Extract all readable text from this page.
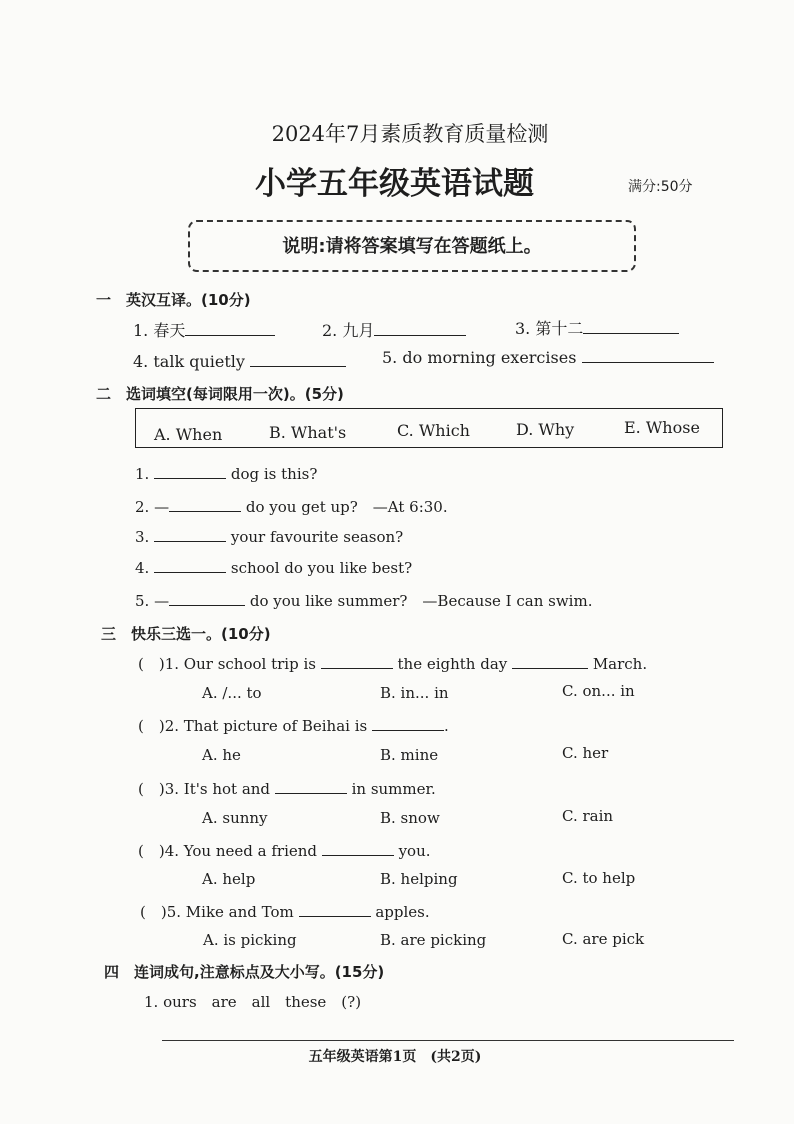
2024年7月素质教育质量检测
小学五年级英语试题	满分:50分
说明:请将答案填写在答题纸上。
一　英汉互译。(10分)
1. 春天	2. 九月	3. 第十二
4. talk quietly	5. do morning exercises
二　选词填空(每词限用一次)。(5分)
A. When	B. What's	C. Which	D. Why	E. Whose
1.	dog is this?
2. —	do you get up?　—At 6:30.
3.	your favourite season?
4.	school do you like best?
5. —	do you like summer?　—Because I can swim.
三　快乐三选一。(10分)
(　)1. Our school trip is	the eighth day	March.
A. /... to	B. in... in	C. on... in
(　)2. That picture of Beihai is	.
A. he	B. mine	C. her
(　)3. It's hot and	in summer.
A. sunny	B. snow	C. rain
(　)4. You need a friend	you.
A. help	B. helping	C. to help
(　)5. Mike and Tom	apples.
A. is picking	B. are picking	C. are pick
四　连词成句,注意标点及大小写。(15分)
1. ours　are　all　these　(?)
五年级英语第1页　(共2页)
